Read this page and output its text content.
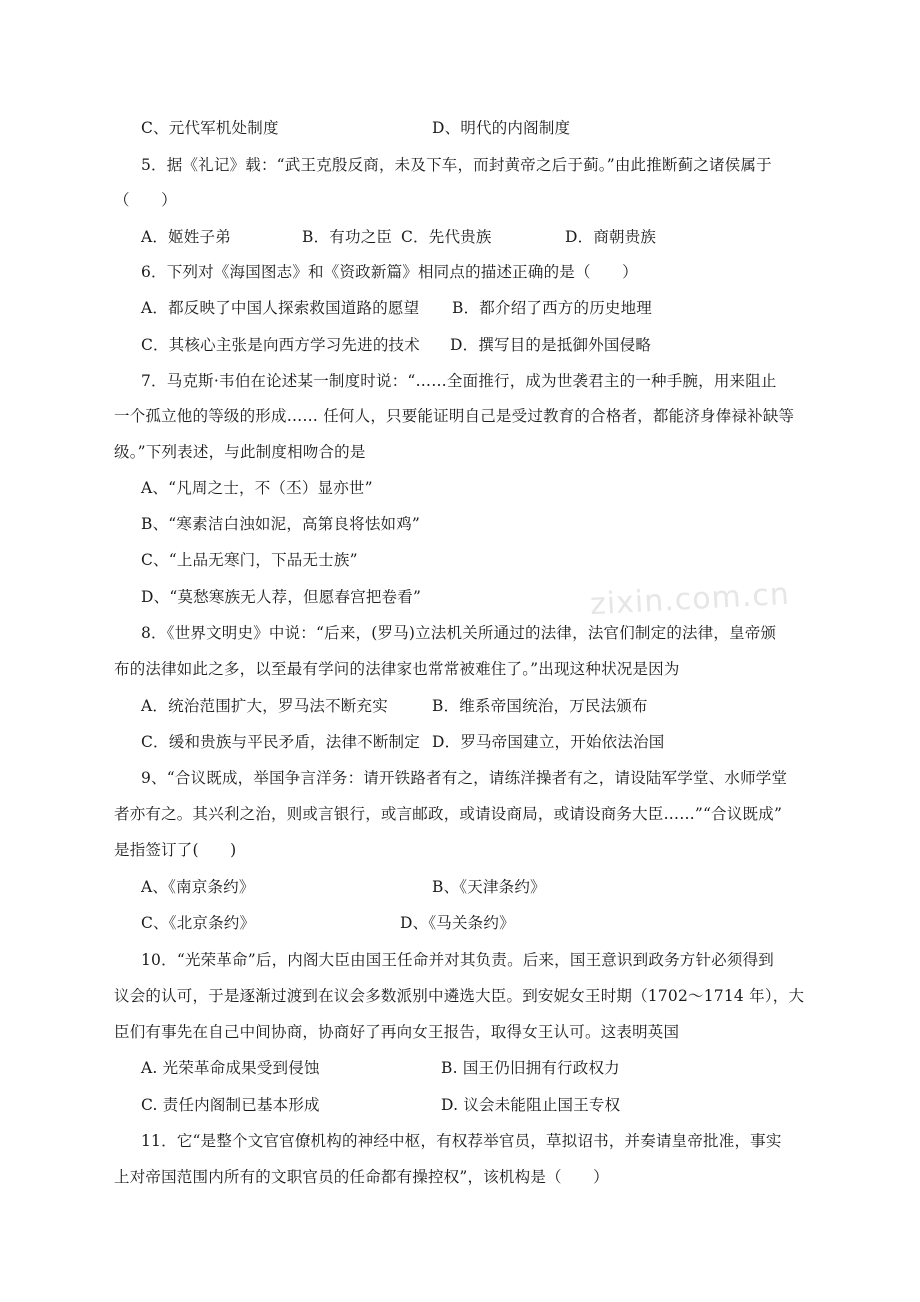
zixin.com.cn
C、元代军机处制度	D、明代的内阁制度
5．据《礼记》载：“武王克殷反商，未及下车，而封黄帝之后于蓟。”由此推断蓟之诸侯属于
（　　）
A．姬姓子弟	B．有功之臣 C．先代贵族	D．商朝贵族
6．下列对《海国图志》和《资政新篇》相同点的描述正确的是（　　）
A．都反映了中国人探索救国道路的愿望 B．都介绍了西方的历史地理
C．其核心主张是向西方学习先进的技术 D．撰写目的是抵御外国侵略
7．马克斯·韦伯在论述某一制度时说：“……全面推行，成为世袭君主的一种手腕，用来阻止
一个孤立他的等级的形成…… 任何人，只要能证明自己是受过教育的合格者，都能济身俸禄补缺等
级。”下列表述，与此制度相吻合的是
A、“凡周之士，不（丕）显亦世”
B、“寒素洁白浊如泥，高第良将怯如鸡”
C、“上品无寒门，下品无士族”
D、“莫愁寒族无人荐，但愿春宫把卷看”
8．《世界文明史》中说：“后来，(罗马)立法机关所通过的法律，法官们制定的法律，皇帝颁
布的法律如此之多，以至最有学问的法律家也常常被难住了。”出现这种状况是因为
A．统治范围扩大，罗马法不断充实	B．维系帝国统治，万民法颁布
C．缓和贵族与平民矛盾，法律不断制定 D．罗马帝国建立，开始依法治国
9、“合议既成，举国争言洋务：请开铁路者有之，请练洋操者有之，请设陆军学堂、水师学堂
者亦有之。其兴利之治，则或言银行，或言邮政，或请设商局，或请设商务大臣……”“合议既成”
是指签订了(　　)
A、《南京条约》	B、《天津条约》
C、《北京条约》	D、《马关条约》
10．“光荣革命”后，内阁大臣由国王任命并对其负责。后来，国王意识到政务方针必须得到
议会的认可，于是逐渐过渡到在议会多数派别中遴选大臣。到安妮女王时期（1702～1714 年），大
臣们有事先在自己中间协商，协商好了再向女王报告，取得女王认可。这表明英国
A. 光荣革命成果受到侵蚀	B. 国王仍旧拥有行政权力
C. 责任内阁制已基本形成	D. 议会未能阻止国王专权
11．它“是整个文官官僚机构的神经中枢，有权荐举官员，草拟诏书，并奏请皇帝批准，事实
上对帝国范围内所有的文职官员的任命都有操控权”，该机构是（　　）
